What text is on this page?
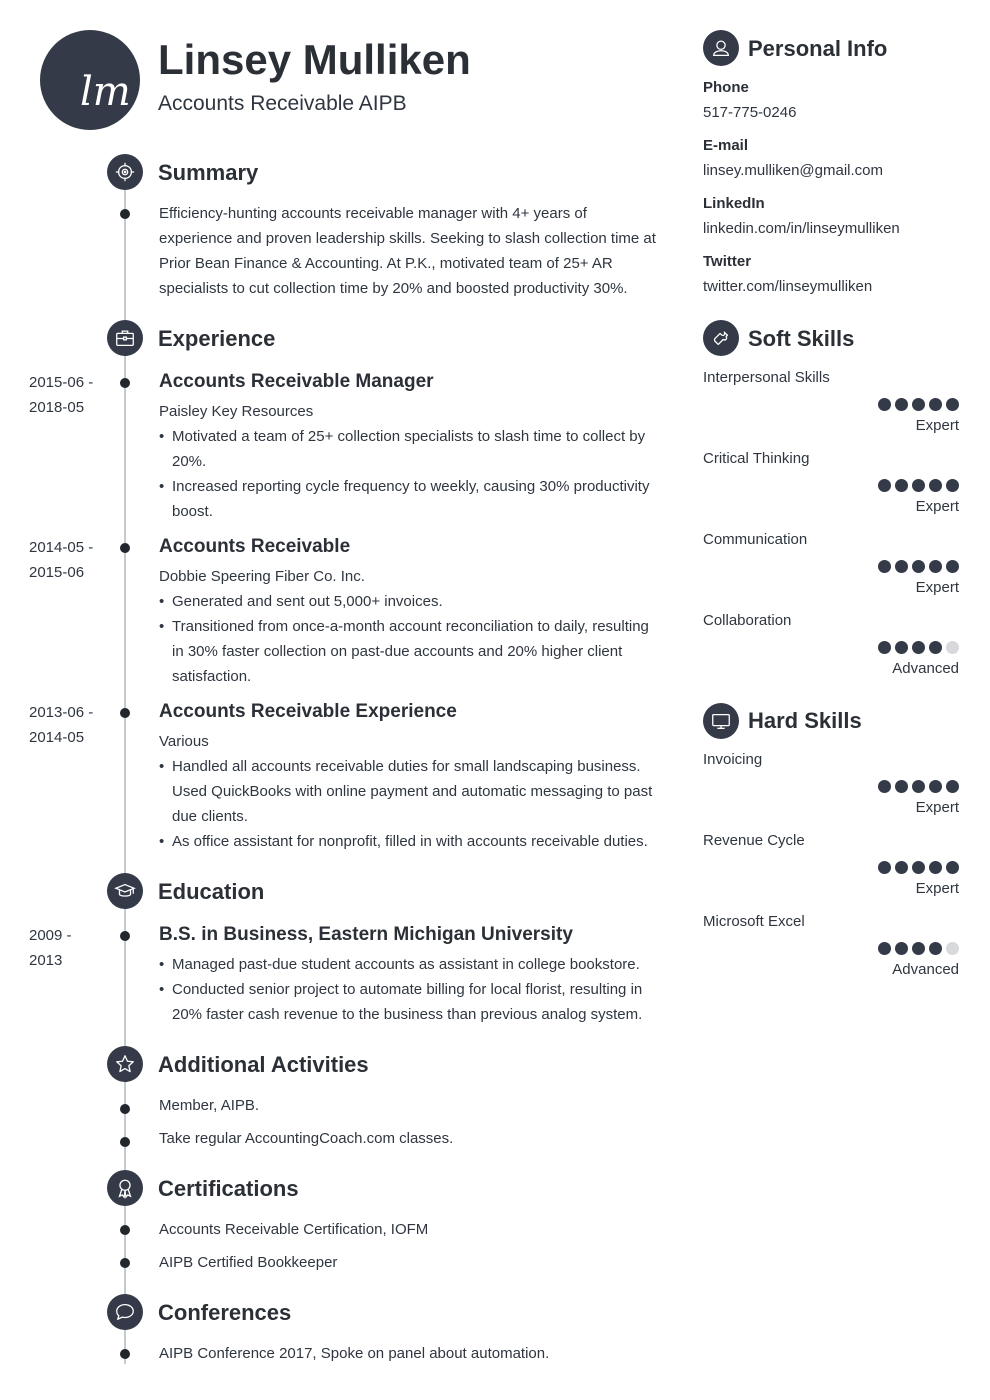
lm
Linsey Mulliken
Accounts Receivable AIPB
Summary
Efficiency-hunting accounts receivable manager with 4+ years of experience and proven leadership skills. Seeking to slash collection time at Prior Bean Finance & Accounting. At P.K., motivated team of 25+ AR specialists to cut collection time by 20% and boosted productivity 30%.
Experience
2015-06 -
2018-05
Accounts Receivable Manager
Paisley Key Resources
• Motivated a team of 25+ collection specialists to slash time to collect by 20%.
• Increased reporting cycle frequency to weekly, causing 30% productivity boost.
2014-05 -
2015-06
Accounts Receivable
Dobbie Speering Fiber Co. Inc.
• Generated and sent out 5,000+ invoices.
• Transitioned from once-a-month account reconciliation to daily, resulting in 30% faster collection on past-due accounts and 20% higher client satisfaction.
2013-06 -
2014-05
Accounts Receivable Experience
Various
• Handled all accounts receivable duties for small landscaping business. Used QuickBooks with online payment and automatic messaging to past due clients.
• As office assistant for nonprofit, filled in with accounts receivable duties.
Education
2009 -
2013
B.S. in Business, Eastern Michigan University
• Managed past-due student accounts as assistant in college bookstore.
• Conducted senior project to automate billing for local florist, resulting in 20% faster cash revenue to the business than previous analog system.
Additional Activities
Member, AIPB.
Take regular AccountingCoach.com classes.
Certifications
Accounts Receivable Certification, IOFM
AIPB Certified Bookkeeper
Conferences
AIPB Conference 2017, Spoke on panel about automation.
Personal Info
Phone
517-775-0246
E-mail
linsey.mulliken@gmail.com
LinkedIn
linkedin.com/in/linseymulliken
Twitter
twitter.com/linseymulliken
Soft Skills
Interpersonal Skills
Expert
Critical Thinking
Expert
Communication
Expert
Collaboration
Advanced
Hard Skills
Invoicing
Expert
Revenue Cycle
Expert
Microsoft Excel
Advanced
